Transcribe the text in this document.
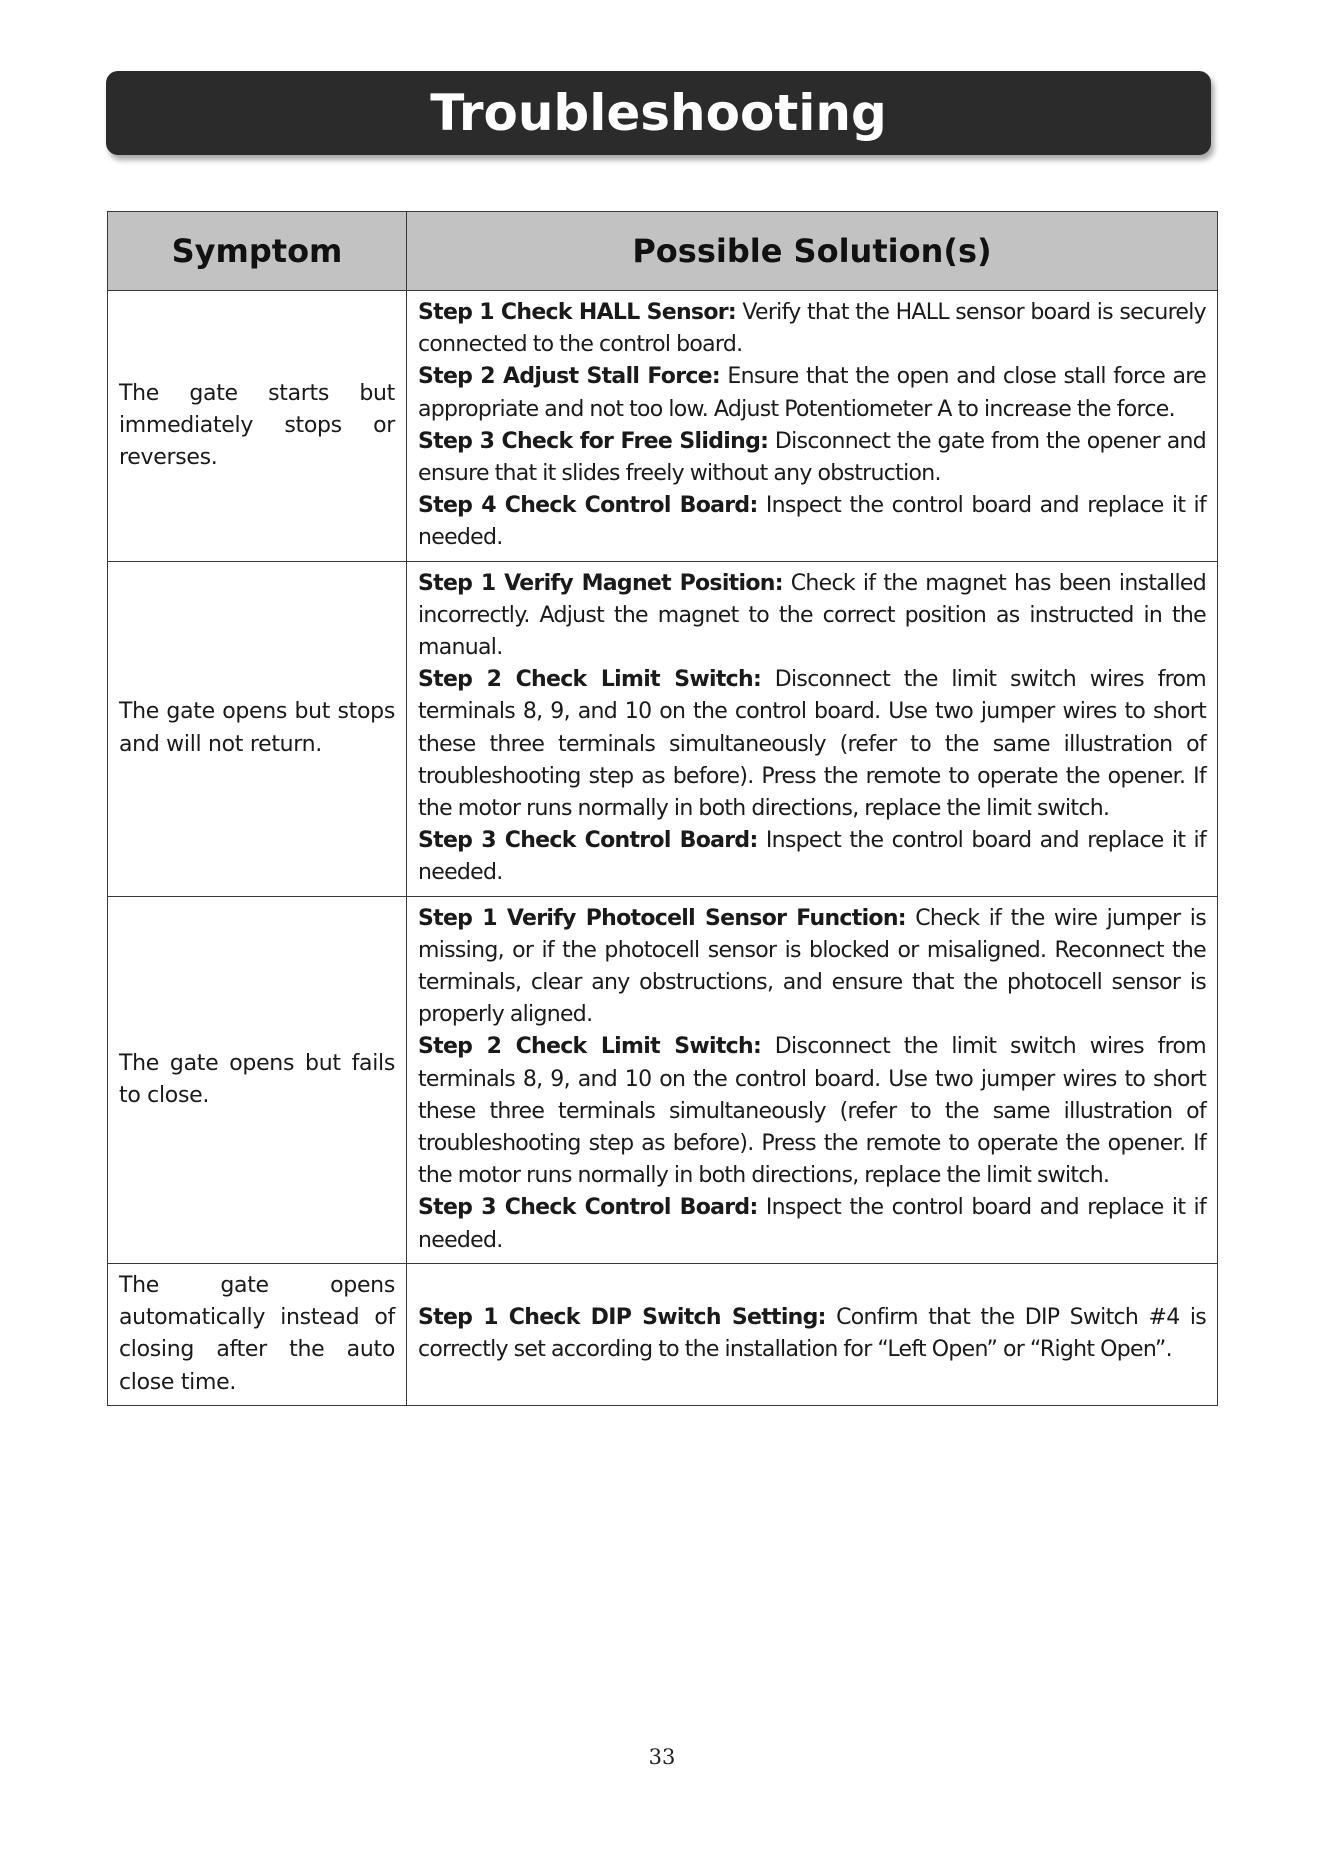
Troubleshooting
Symptom	Possible Solution(s)
The gate starts but immediately stops or reverses.	Step 1 Check HALL Sensor: Verify that the HALL sensor board is securely connected to the control board.
Step 2 Adjust Stall Force: Ensure that the open and close stall force are appropriate and not too low. Adjust Potentiometer A to increase the force.
Step 3 Check for Free Sliding: Disconnect the gate from the opener and ensure that it slides freely without any obstruction.
Step 4 Check Control Board: Inspect the control board and replace it if needed.

The gate opens but stops and will not return.	Step 1 Verify Magnet Position: Check if the magnet has been installed incorrectly. Adjust the magnet to the correct position as instructed in the manual.
Step 2 Check Limit Switch: Disconnect the limit switch wires from terminals 8, 9, and 10 on the control board. Use two jumper wires to short these three terminals simultaneously (refer to the same illustration of troubleshooting step as before). Press the remote to operate the opener. If the motor runs normally in both directions, replace the limit switch.
Step 3 Check Control Board: Inspect the control board and replace it if needed.

The gate opens but fails to close.	Step 1 Verify Photocell Sensor Function: Check if the wire jumper is missing, or if the photocell sensor is blocked or misaligned. Reconnect the terminals, clear any obstructions, and ensure that the photocell sensor is properly aligned.
Step 2 Check Limit Switch: Disconnect the limit switch wires from terminals 8, 9, and 10 on the control board. Use two jumper wires to short these three terminals simultaneously (refer to the same illustration of troubleshooting step as before). Press the remote to operate the opener. If the motor runs normally in both directions, replace the limit switch.
Step 3 Check Control Board: Inspect the control board and replace it if needed.

The gate opens automatically instead of closing after the auto close time.	Step 1 Check DIP Switch Setting: Confirm that the DIP Switch #4 is correctly set according to the installation for “Left Open” or “Right Open”.
33
